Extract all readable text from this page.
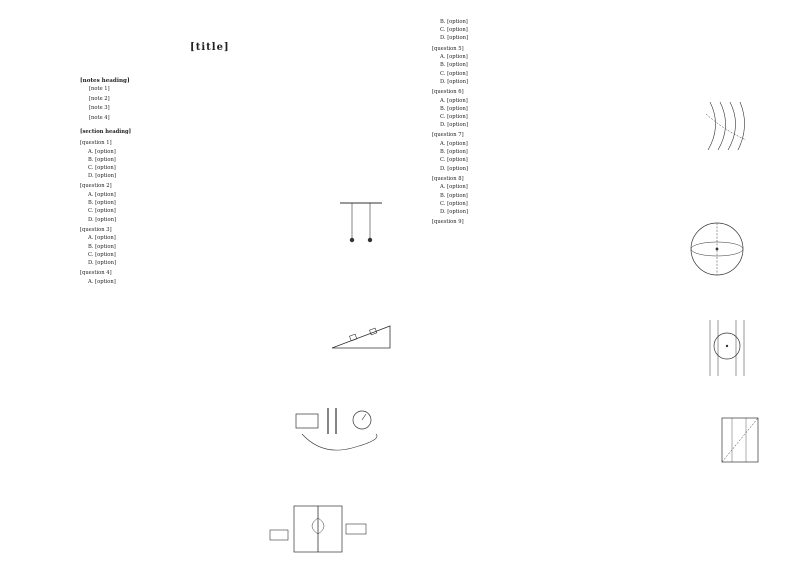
[title]
[notes heading]

[note 1]

[note 2]

[note 3]

[note 4]

[section heading]
[question 1]
A. [option]
B. [option]
C. [option]
D. [option]
[question 2]
A. [option]
B. [option]
C. [option]
D. [option]
[question 3]
A. [option]
B. [option]
C. [option]
D. [option]
[question 4]
A. [option]
B. [option]
C. [option]
D. [option]
[question 5]
A. [option]
B. [option]
C. [option]
D. [option]
[question 6]
A. [option]
B. [option]
C. [option]
D. [option]
[question 7]
A. [option]
B. [option]
C. [option]
D. [option]
[question 8]
A. [option]
B. [option]
C. [option]
D. [option]
[question 9]
